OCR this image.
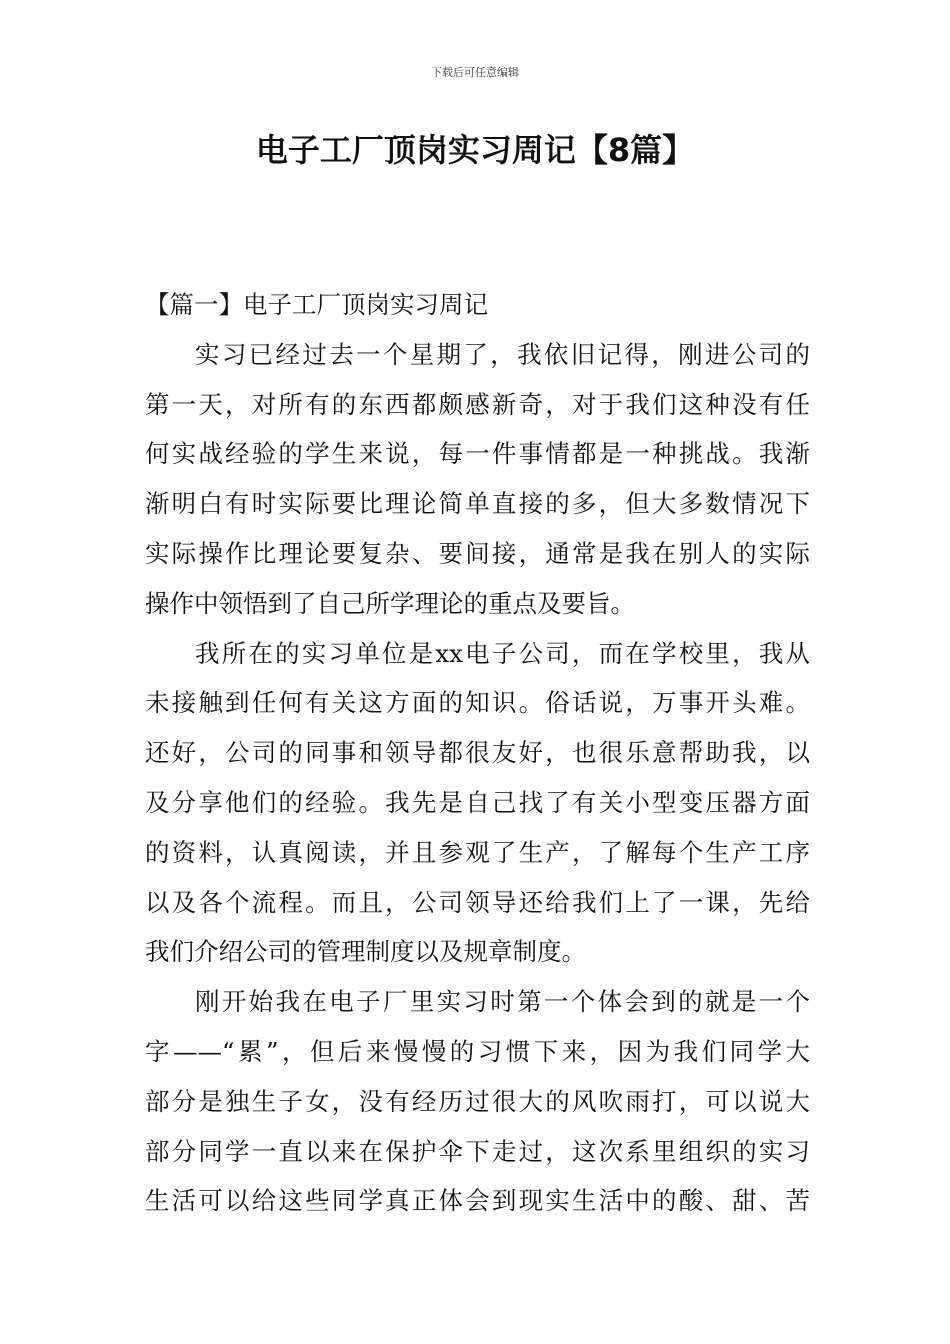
下载后可任意编辑
电子工厂顶岗实习周记【8篇】
【篇一】电子工厂顶岗实习周记
实习已经过去一个星期了，我依旧记得，刚进公司的
第一天，对所有的东西都颇感新奇，对于我们这种没有任
何实战经验的学生来说，每一件事情都是一种挑战。我渐
渐明白有时实际要比理论简单直接的多，但大多数情况下
实际操作比理论要复杂、要间接，通常是我在别人的实际
操作中领悟到了自己所学理论的重点及要旨。
我所在的实习单位是xx电子公司，而在学校里，我从
未接触到任何有关这方面的知识。俗话说，万事开头难。
还好，公司的同事和领导都很友好，也很乐意帮助我，以
及分享他们的经验。我先是自己找了有关小型变压器方面
的资料，认真阅读，并且参观了生产，了解每个生产工序
以及各个流程。而且，公司领导还给我们上了一课，先给
我们介绍公司的管理制度以及规章制度。
刚开始我在电子厂里实习时第一个体会到的就是一个
字——“累”，但后来慢慢的习惯下来，因为我们同学大
部分是独生子女，没有经历过很大的风吹雨打，可以说大
部分同学一直以来在保护伞下走过，这次系里组织的实习
生活可以给这些同学真正体会到现实生活中的酸、甜、苦
